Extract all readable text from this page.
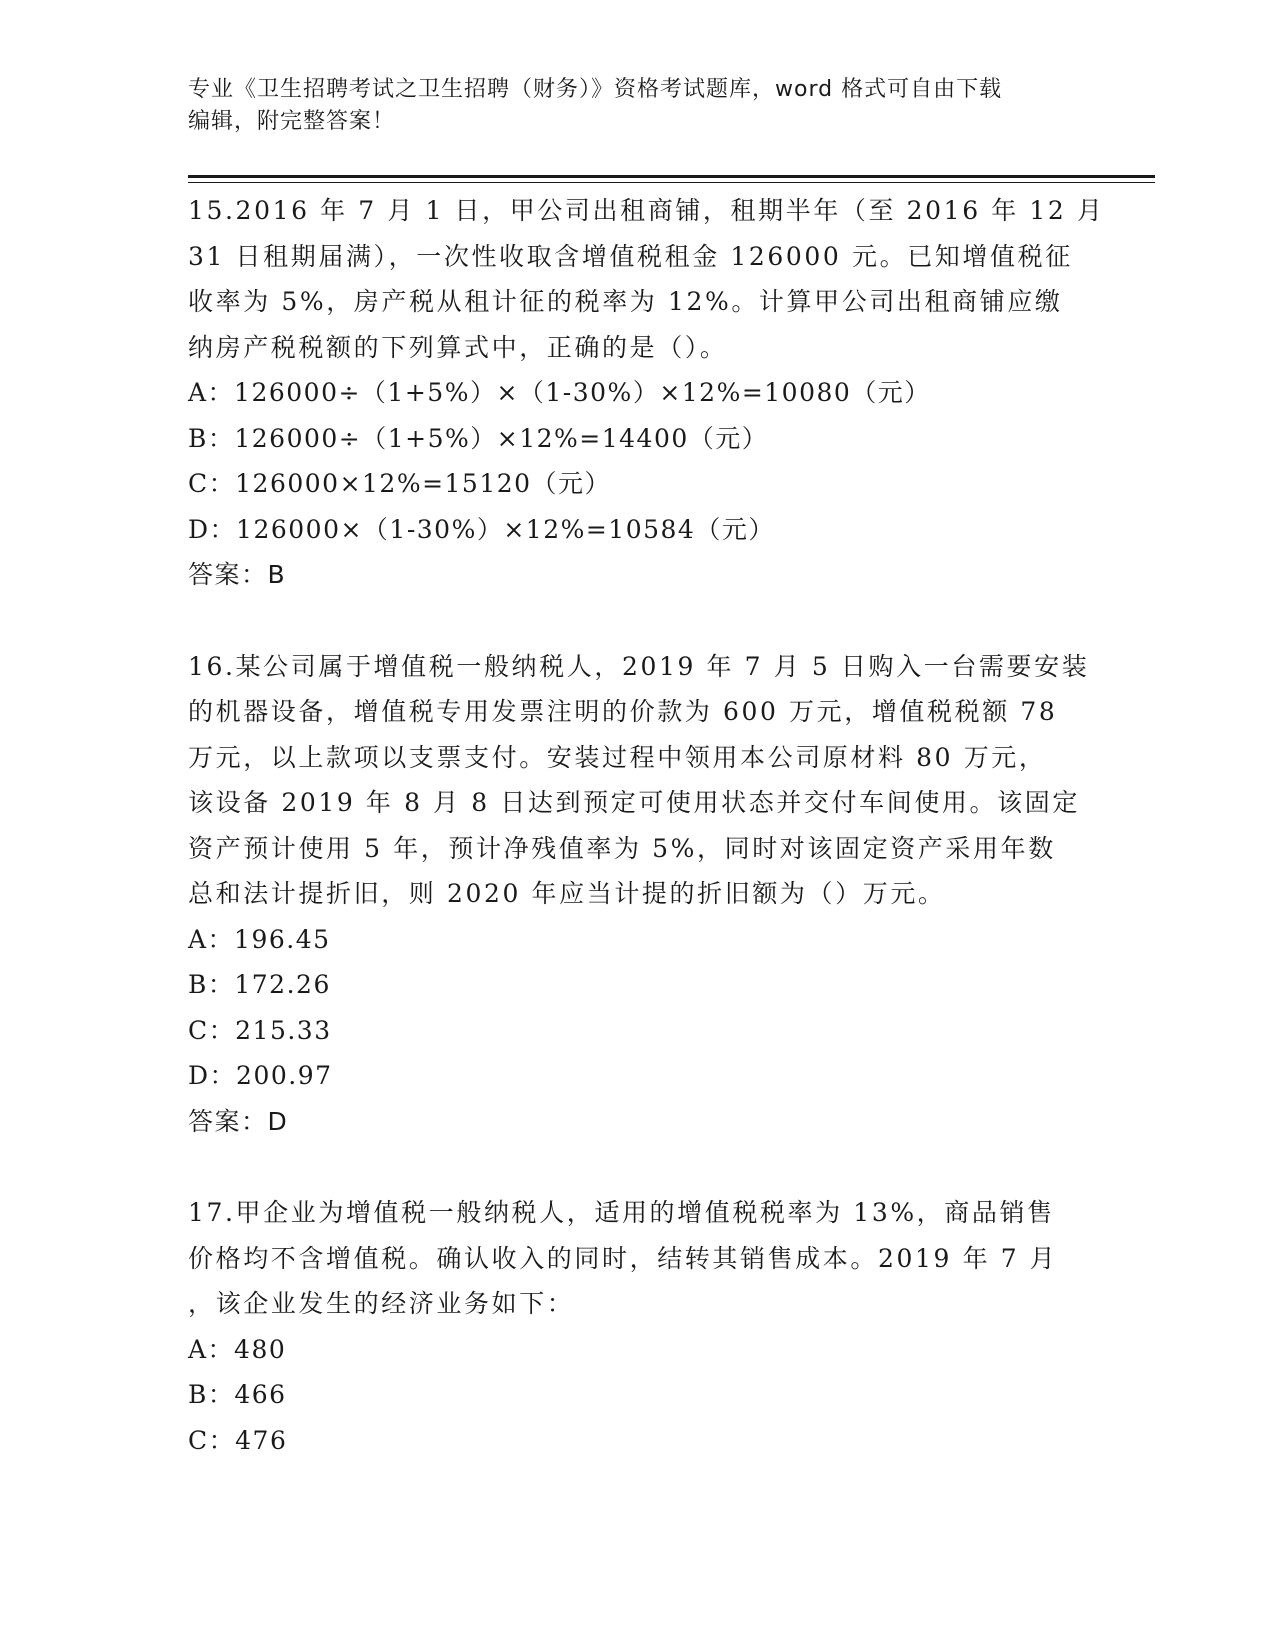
专业《卫生招聘考试之卫生招聘（财务）》资格考试题库，word 格式可自由下载
编辑，附完整答案！
15.2016 年 7 月 1 日，甲公司出租商铺，租期半年（至 2016 年 12 月
31 日租期届满），一次性收取含增值税租金 126000 元。已知增值税征
收率为 5%，房产税从租计征的税率为 12%。计算甲公司出租商铺应缴
纳房产税税额的下列算式中，正确的是（）。
A：126000÷（1+5%）×（1-30%）×12%=10080（元）
B：126000÷（1+5%）×12%=14400（元）
C：126000×12%=15120（元）
D：126000×（1-30%）×12%=10584（元）
答案：B
16.某公司属于增值税一般纳税人，2019 年 7 月 5 日购入一台需要安装
的机器设备，增值税专用发票注明的价款为 600 万元，增值税税额 78
万元，以上款项以支票支付。安装过程中领用本公司原材料 80 万元，
该设备 2019 年 8 月 8 日达到预定可使用状态并交付车间使用。该固定
资产预计使用 5 年，预计净残值率为 5%，同时对该固定资产采用年数
总和法计提折旧，则 2020 年应当计提的折旧额为（）万元。
A：196.45
B：172.26
C：215.33
D：200.97
答案：D
17.甲企业为增值税一般纳税人，适用的增值税税率为 13%，商品销售
价格均不含增值税。确认收入的同时，结转其销售成本。2019 年 7 月
，该企业发生的经济业务如下：
A：480
B：466
C：476
